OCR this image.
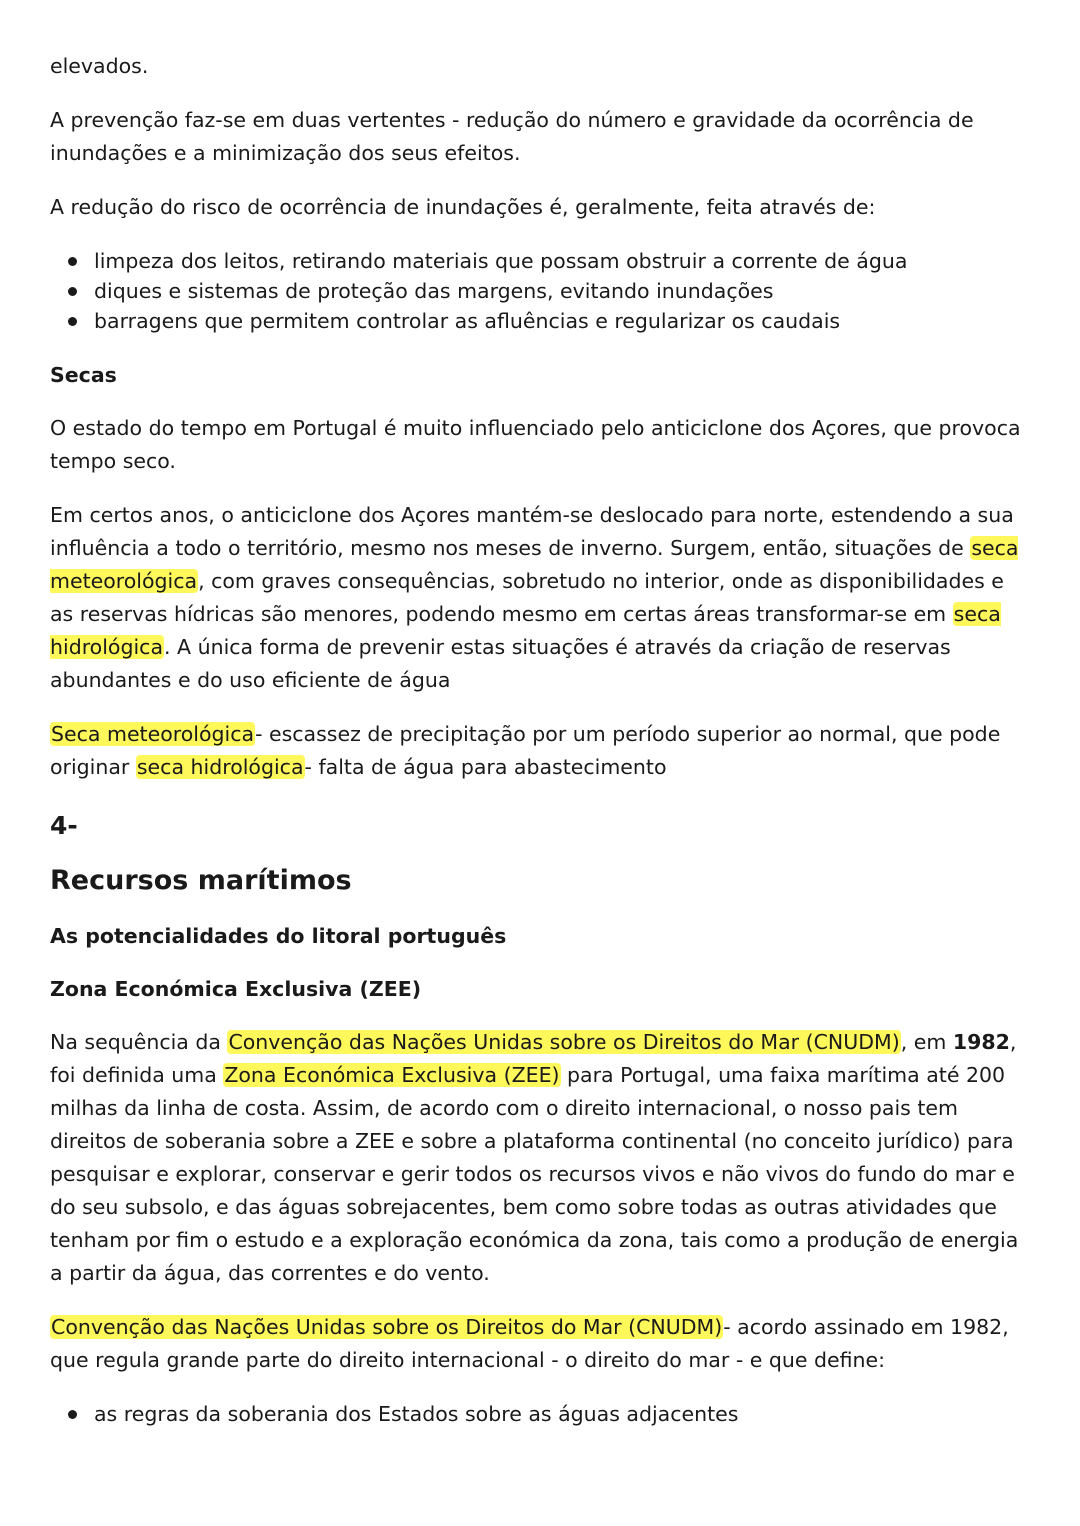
elevados.

A prevenção faz-se em duas vertentes - redução do número e gravidade da ocorrência de inundações e a minimização dos seus efeitos.

A redução do risco de ocorrência de inundações é, geralmente, feita através de:

limpeza dos leitos, retirando materiais que possam obstruir a corrente de água
diques e sistemas de proteção das margens, evitando inundações
barragens que permitem controlar as afluências e regularizar os caudais
Secas

O estado do tempo em Portugal é muito influenciado pelo anticiclone dos Açores, que provoca tempo seco.

Em certos anos, o anticiclone dos Açores mantém-se deslocado para norte, estendendo a sua influência a todo o território, mesmo nos meses de inverno. Surgem, então, situações de seca meteorológica, com graves consequências, sobretudo no interior, onde as disponibilidades e as reservas hídricas são menores, podendo mesmo em certas áreas transformar-se em seca hidrológica. A única forma de prevenir estas situações é através da criação de reservas abundantes e do uso eficiente de água

Seca meteorológica- escassez de precipitação por um período superior ao normal, que pode originar seca hidrológica- falta de água para abastecimento

4-
Recursos marítimos
As potencialidades do litoral português
Zona Económica Exclusiva (ZEE)

Na sequência da Convenção das Nações Unidas sobre os Direitos do Mar (CNUDM), em 1982, foi definida uma Zona Económica Exclusiva (ZEE) para Portugal, uma faixa marítima até 200 milhas da linha de costa. Assim, de acordo com o direito internacional, o nosso pais tem direitos de soberania sobre a ZEE e sobre a plataforma continental (no conceito jurídico) para pesquisar e explorar, conservar e gerir todos os recursos vivos e não vivos do fundo do mar e do seu subsolo, e das águas sobrejacentes, bem como sobre todas as outras atividades que tenham por fim o estudo e a exploração económica da zona, tais como a produção de energia a partir da água, das correntes e do vento.

Convenção das Nações Unidas sobre os Direitos do Mar (CNUDM)- acordo assinado em 1982, que regula grande parte do direito internacional - o direito do mar - e que define:

as regras da soberania dos Estados sobre as águas adjacentes
